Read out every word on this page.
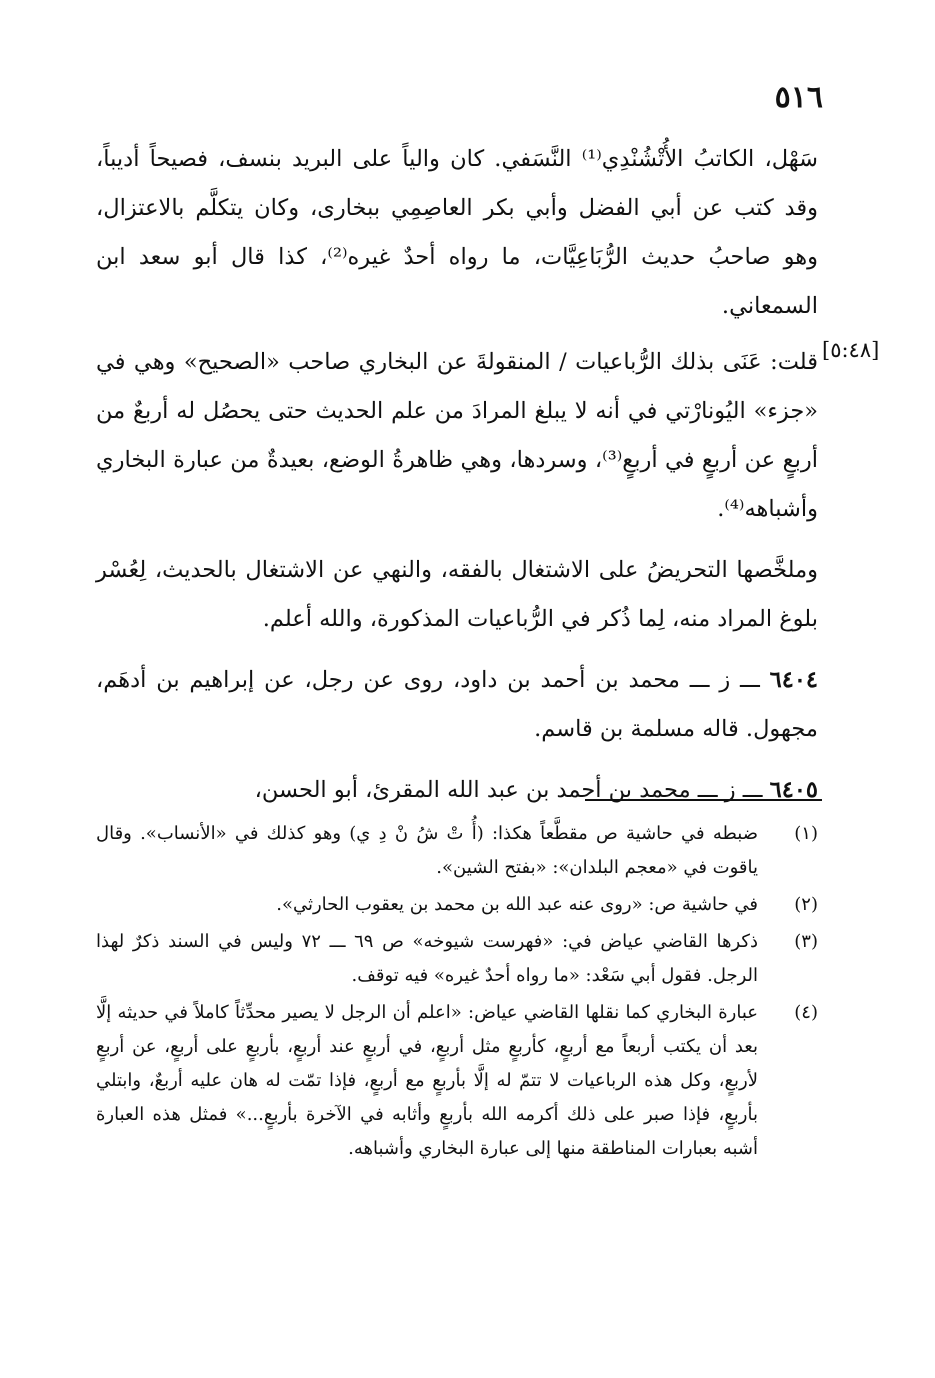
٥١٦

سَهْل، الكاتبُ الأُتْشُنْدِي⁽¹⁾ النَّسَفي. كان والياً على البريد بنسف، فصيحاً أديباً، وقد كتب عن أبي الفضل وأبي بكر العاصِمِي ببخارى، وكان يتكلَّم بالاعتزال، وهو صاحبُ حديث الرُّبَاعِيَّات، ما رواه أحدٌ غيره⁽²⁾، كذا قال أبو سعد ابن السمعاني.

قلت: عَنَى بذلك الرُّباعيات / المنقولةَ عن البخاري صاحب «الصحيح» وهي في «جزء» اليُونارْتي في أنه لا يبلغ المرادَ من علم الحديث حتى يحصُل له أربعٌ من أربعٍ عن أربعٍ في أربعٍ⁽³⁾، وسردها، وهي ظاهرةُ الوضع، بعيدةٌ من عبارة البخاري وأشباهه⁽⁴⁾.

وملخَّصها التحريضُ على الاشتغال بالفقه، والنهي عن الاشتغال بالحديث، لِعُسْر بلوغ المراد منه، لِما ذُكر في الرُّباعيات المذكورة، والله أعلم.

٦٤٠٤ ـــ ز ـــ محمد بن أحمد بن داود، روى عن رجل، عن إبراهيم بن أدهَم، مجهول. قاله مسلمة بن قاسم.

٦٤٠٥ ـــ ز ـــ محمد بن أحمد بن عبد الله المقرئ، أبو الحسن،

[٥:٤٨]
(١)
ضبطه في حاشية ص مقطَّعاً هكذا: (أُ تْ شُ نْ دِ ي) وهو كذلك في «الأنساب». وقال ياقوت في «معجم البلدان»: «بفتح الشين».
(٢)
في حاشية ص: «روى عنه عبد الله بن محمد بن يعقوب الحارثي».
(٣)
ذكرها القاضي عياض في: «فهرست شيوخه» ص ٦٩ ـــ ٧٢ وليس في السند ذكرٌ لهذا الرجل. فقول أبي سَعْد: «ما رواه أحدٌ غيره» فيه توقف.
(٤)
عبارة البخاري كما نقلها القاضي عياض: «اعلم أن الرجل لا يصير محدِّثاً كاملاً في حديثه إلَّا بعد أن يكتب أربعاً مع أربعٍ، كأربعٍ مثل أربعٍ، في أربعٍ عند أربعٍ، بأربعٍ على أربعٍ، عن أربعٍ لأربعٍ، وكل هذه الرباعيات لا تتمّ له إلَّا بأربعٍ مع أربعٍ، فإذا تمّت له هان عليه أربعٌ، وابتلي بأربعٍ، فإذا صبر على ذلك أكرمه الله بأربعٍ وأثابه في الآخرة بأربعٍ...» فمثل هذه العبارة أشبه بعبارات المناطقة منها إلى عبارة البخاري وأشباهه.
